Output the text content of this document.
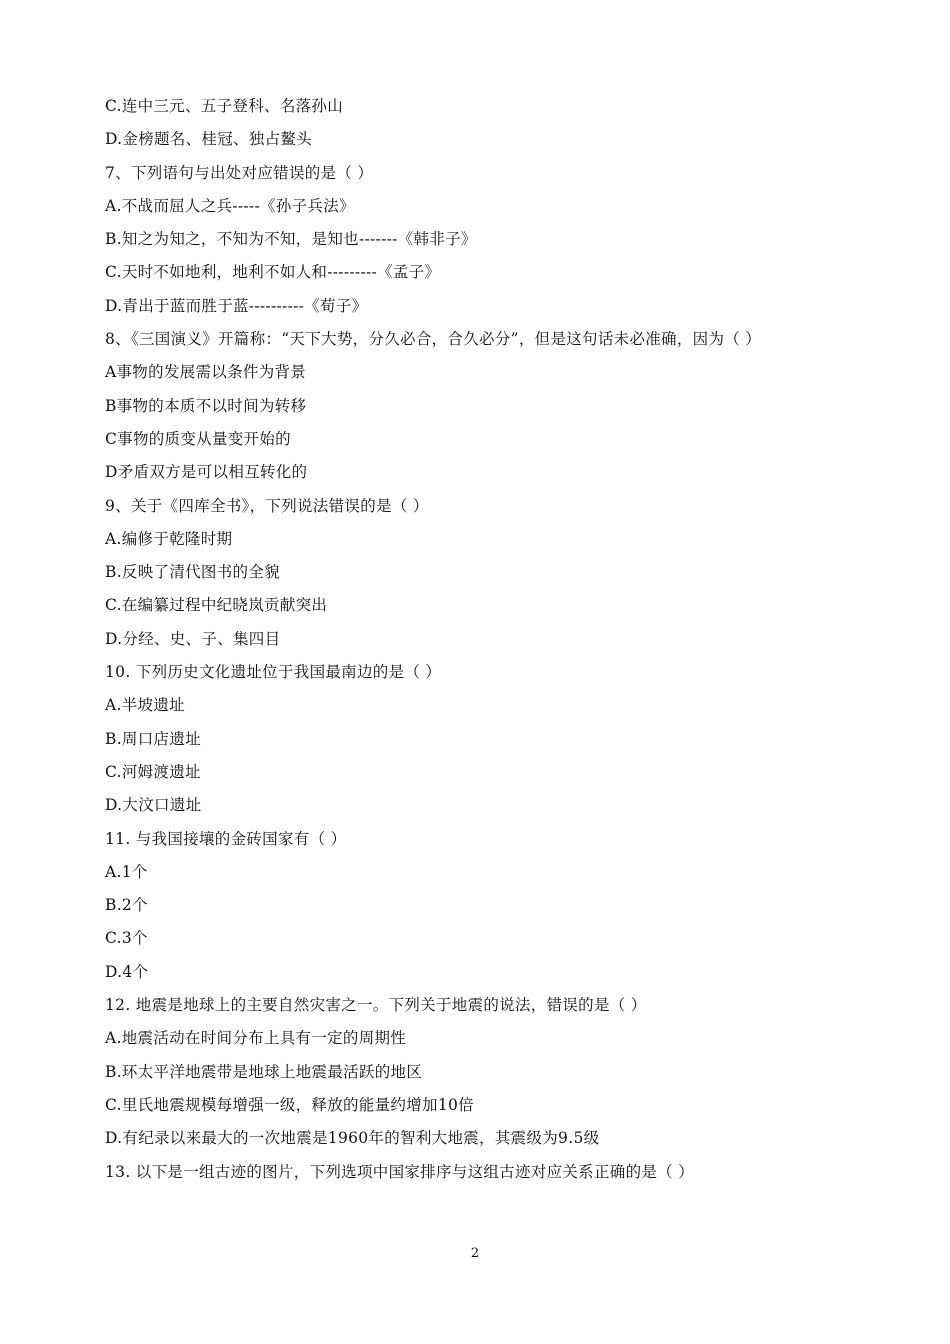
C.连中三元、五子登科、名落孙山
D.金榜题名、桂冠、独占鳌头
7、下列语句与出处对应错误的是（ ）
A.不战而屈人之兵-----《孙子兵法》
B.知之为知之，不知为不知，是知也-------《韩非子》
C.天时不如地利，地利不如人和---------《孟子》
D.青出于蓝而胜于蓝----------《荀子》
8、《三国演义》开篇称：“天下大势，分久必合，合久必分”，但是这句话未必准确，因为（ ）
A事物的发展需以条件为背景
B事物的本质不以时间为转移
C事物的质变从量变开始的
D矛盾双方是可以相互转化的
9、关于《四库全书》，下列说法错误的是（ ）
A.编修于乾隆时期
B.反映了清代图书的全貌
C.在编纂过程中纪晓岚贡献突出
D.分经、史、子、集四目
10. 下列历史文化遗址位于我国最南边的是（ ）
A.半坡遗址
B.周口店遗址
C.河姆渡遗址
D.大汶口遗址
11. 与我国接壤的金砖国家有（ ）
A.1个
B.2个
C.3个
D.4个
12. 地震是地球上的主要自然灾害之一。下列关于地震的说法，错误的是（ ）
A.地震活动在时间分布上具有一定的周期性
B.环太平洋地震带是地球上地震最活跃的地区
C.里氏地震规模每增强一级，释放的能量约增加10倍
D.有纪录以来最大的一次地震是1960年的智利大地震，其震级为9.5级
13. 以下是一组古迹的图片，下列选项中国家排序与这组古迹对应关系正确的是（ ）
2
